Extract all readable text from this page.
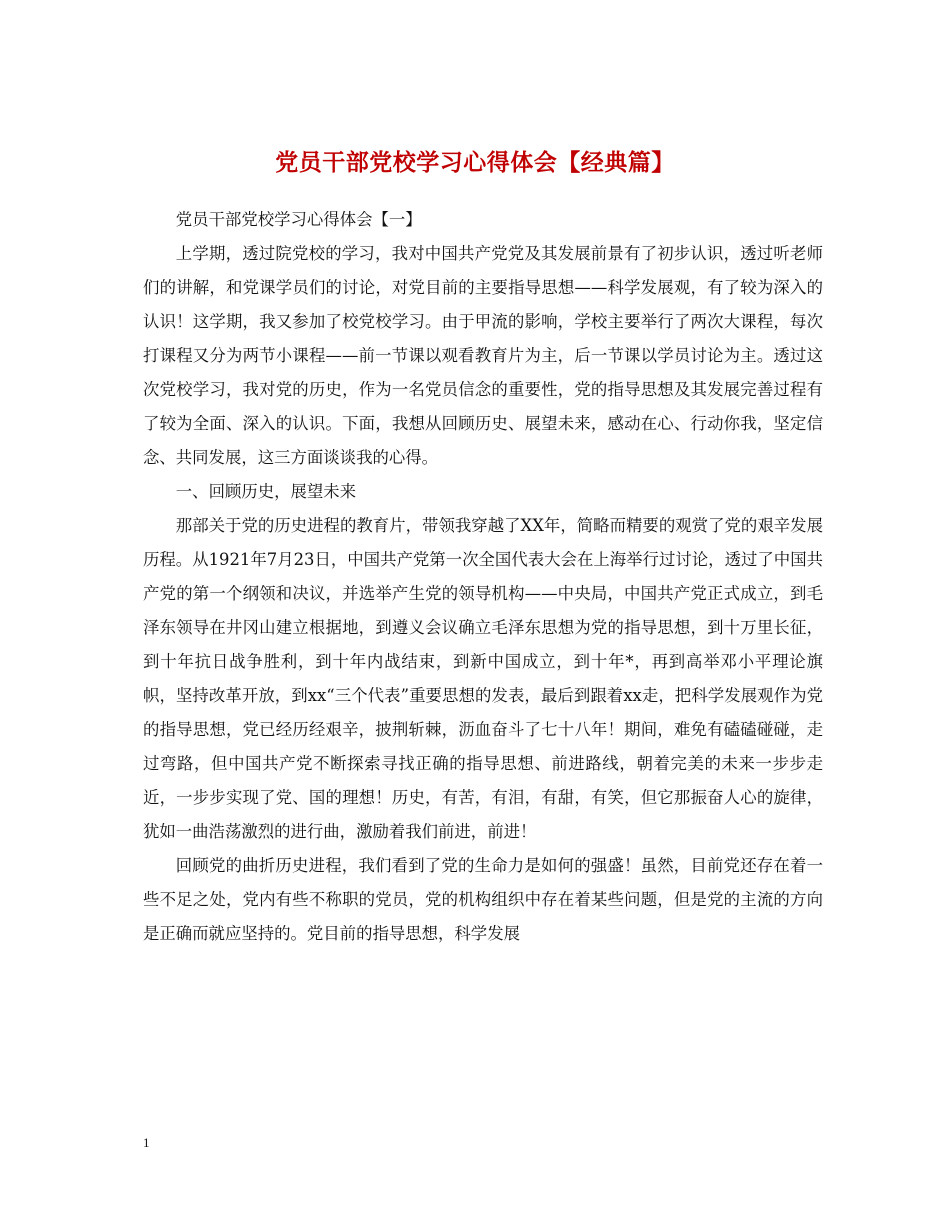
党员干部党校学习心得体会【经典篇】

党员干部党校学习心得体会【一】

上学期，透过院党校的学习，我对中国共产党党及其发展前景有了初步认识，透过听老师们的讲解，和党课学员们的讨论，对党目前的主要指导思想——科学发展观，有了较为深入的认识！这学期，我又参加了校党校学习。由于甲流的影响，学校主要举行了两次大课程，每次打课程又分为两节小课程——前一节课以观看教育片为主，后一节课以学员讨论为主。透过这次党校学习，我对党的历史，作为一名党员信念的重要性，党的指导思想及其发展完善过程有了较为全面、深入的认识。下面，我想从回顾历史、展望未来，感动在心、行动你我，坚定信念、共同发展，这三方面谈谈我的心得。

一、回顾历史，展望未来

那部关于党的历史进程的教育片，带领我穿越了XX年，简略而精要的观赏了党的艰辛发展历程。从1921年7月23日，中国共产党第一次全国代表大会在上海举行过讨论，透过了中国共产党的第一个纲领和决议，并选举产生党的领导机构——中央局，中国共产党正式成立，到毛泽东领导在井冈山建立根据地，到遵义会议确立毛泽东思想为党的指导思想，到十万里长征，到十年抗日战争胜利，到十年内战结束，到新中国成立，到十年*，再到高举邓小平理论旗帜，坚持改革开放，到xx“三个代表”重要思想的发表，最后到跟着xx走，把科学发展观作为党的指导思想，党已经历经艰辛，披荆斩棘，沥血奋斗了七十八年！期间，难免有磕磕碰碰，走过弯路，但中国共产党不断探索寻找正确的指导思想、前进路线，朝着完美的未来一步步走近，一步步实现了党、国的理想！历史，有苦，有泪，有甜，有笑，但它那振奋人心的旋律，犹如一曲浩荡激烈的进行曲，激励着我们前进，前进！

回顾党的曲折历史进程，我们看到了党的生命力是如何的强盛！虽然，目前党还存在着一些不足之处，党内有些不称职的党员，党的机构组织中存在着某些问题，但是党的主流的方向是正确而就应坚持的。党目前的指导思想，科学发展

1
